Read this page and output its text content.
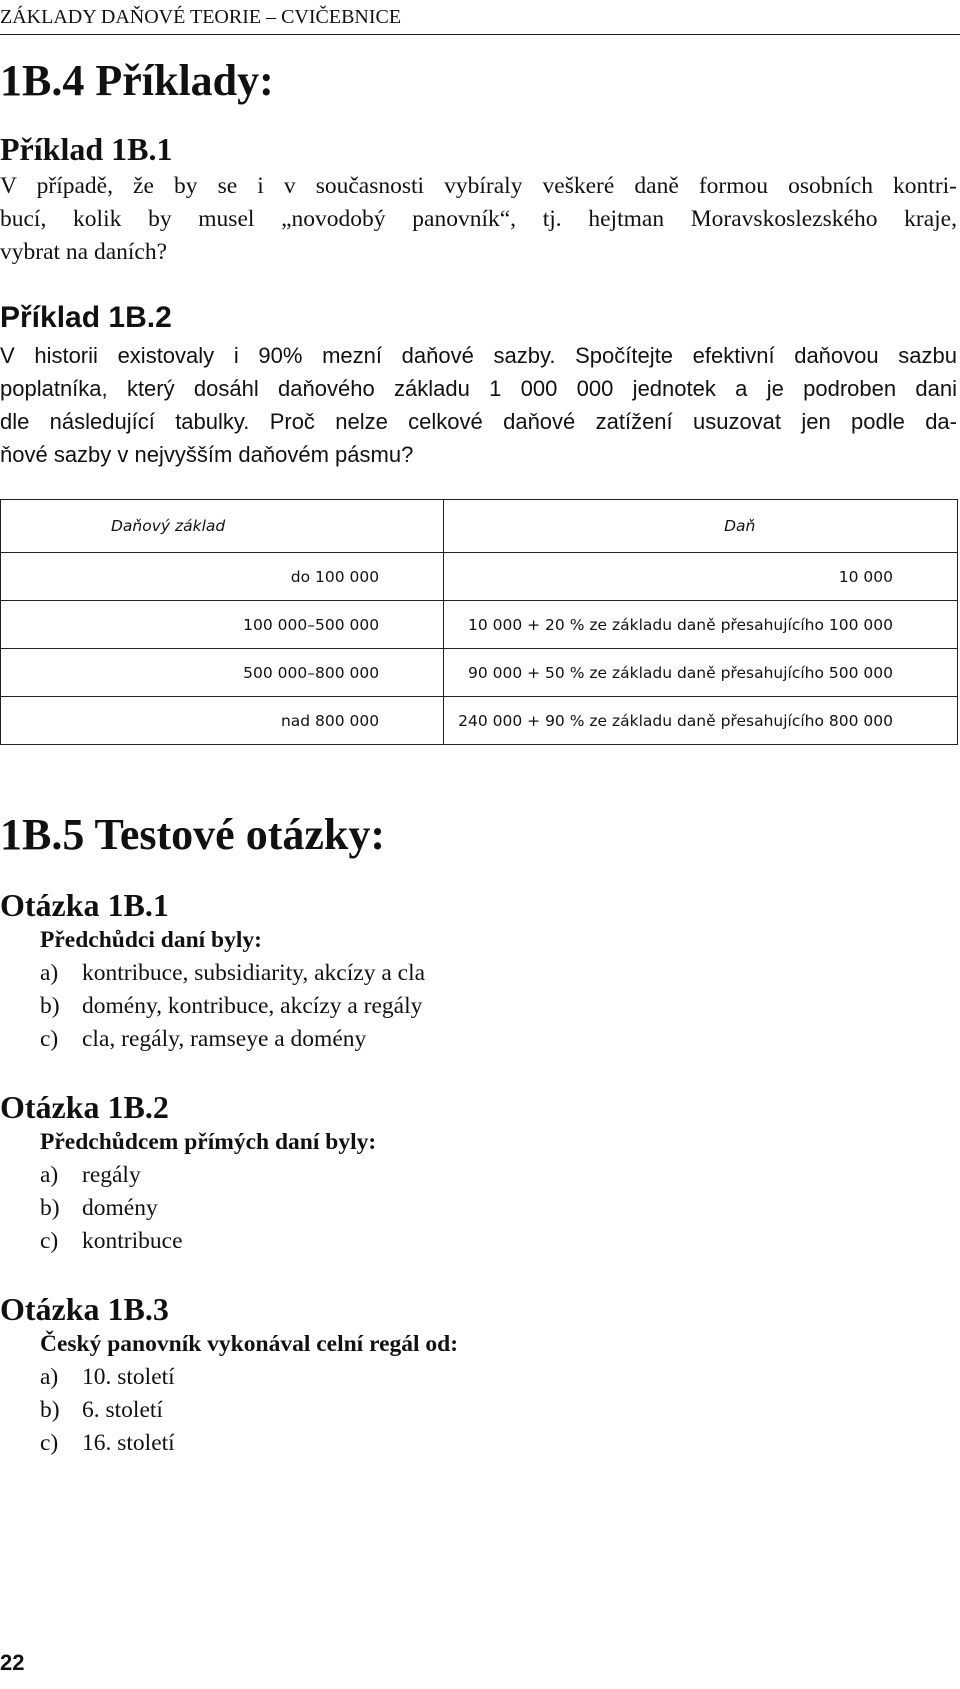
ZÁKLADY DAŇOVÉ TEORIE – CVIČEBNICE
1B.4 Příklady:
Příklad 1B.1
V případě, že by se i v současnosti vybíraly veškeré daně formou osobních kontri-
bucí, kolik by musel „novodobý panovník“, tj. hejtman Moravskoslezského kraje,
vybrat na daních?
Příklad 1B.2
V historii existovaly i 90% mezní daňové sazby. Spočítejte efektivní daňovou sazbu
poplatníka, který dosáhl daňového základu 1 000 000 jednotek a je podroben dani
dle následující tabulky. Proč nelze celkové daňové zatížení usuzovat jen podle da-
ňové sazby v nejvyšším daňovém pásmu?
Daňový základ	Daň
do 100 000	10 000
100 000–500 000	10 000 + 20 % ze základu daně přesahujícího 100 000
500 000–800 000	90 000 + 50 % ze základu daně přesahujícího 500 000
nad 800 000	240 000 + 90 % ze základu daně přesahujícího 800 000
1B.5 Testové otázky:
Otázka 1B.1
Předchůdci daní byly:
a) kontribuce, subsidiarity, akcízy a cla
b) domény, kontribuce, akcízy a regály
c) cla, regály, ramseye a domény
Otázka 1B.2
Předchůdcem přímých daní byly:
a) regály
b) domény
c) kontribuce
Otázka 1B.3
Český panovník vykonával celní regál od:
a) 10. století
b) 6. století
c) 16. století
22
